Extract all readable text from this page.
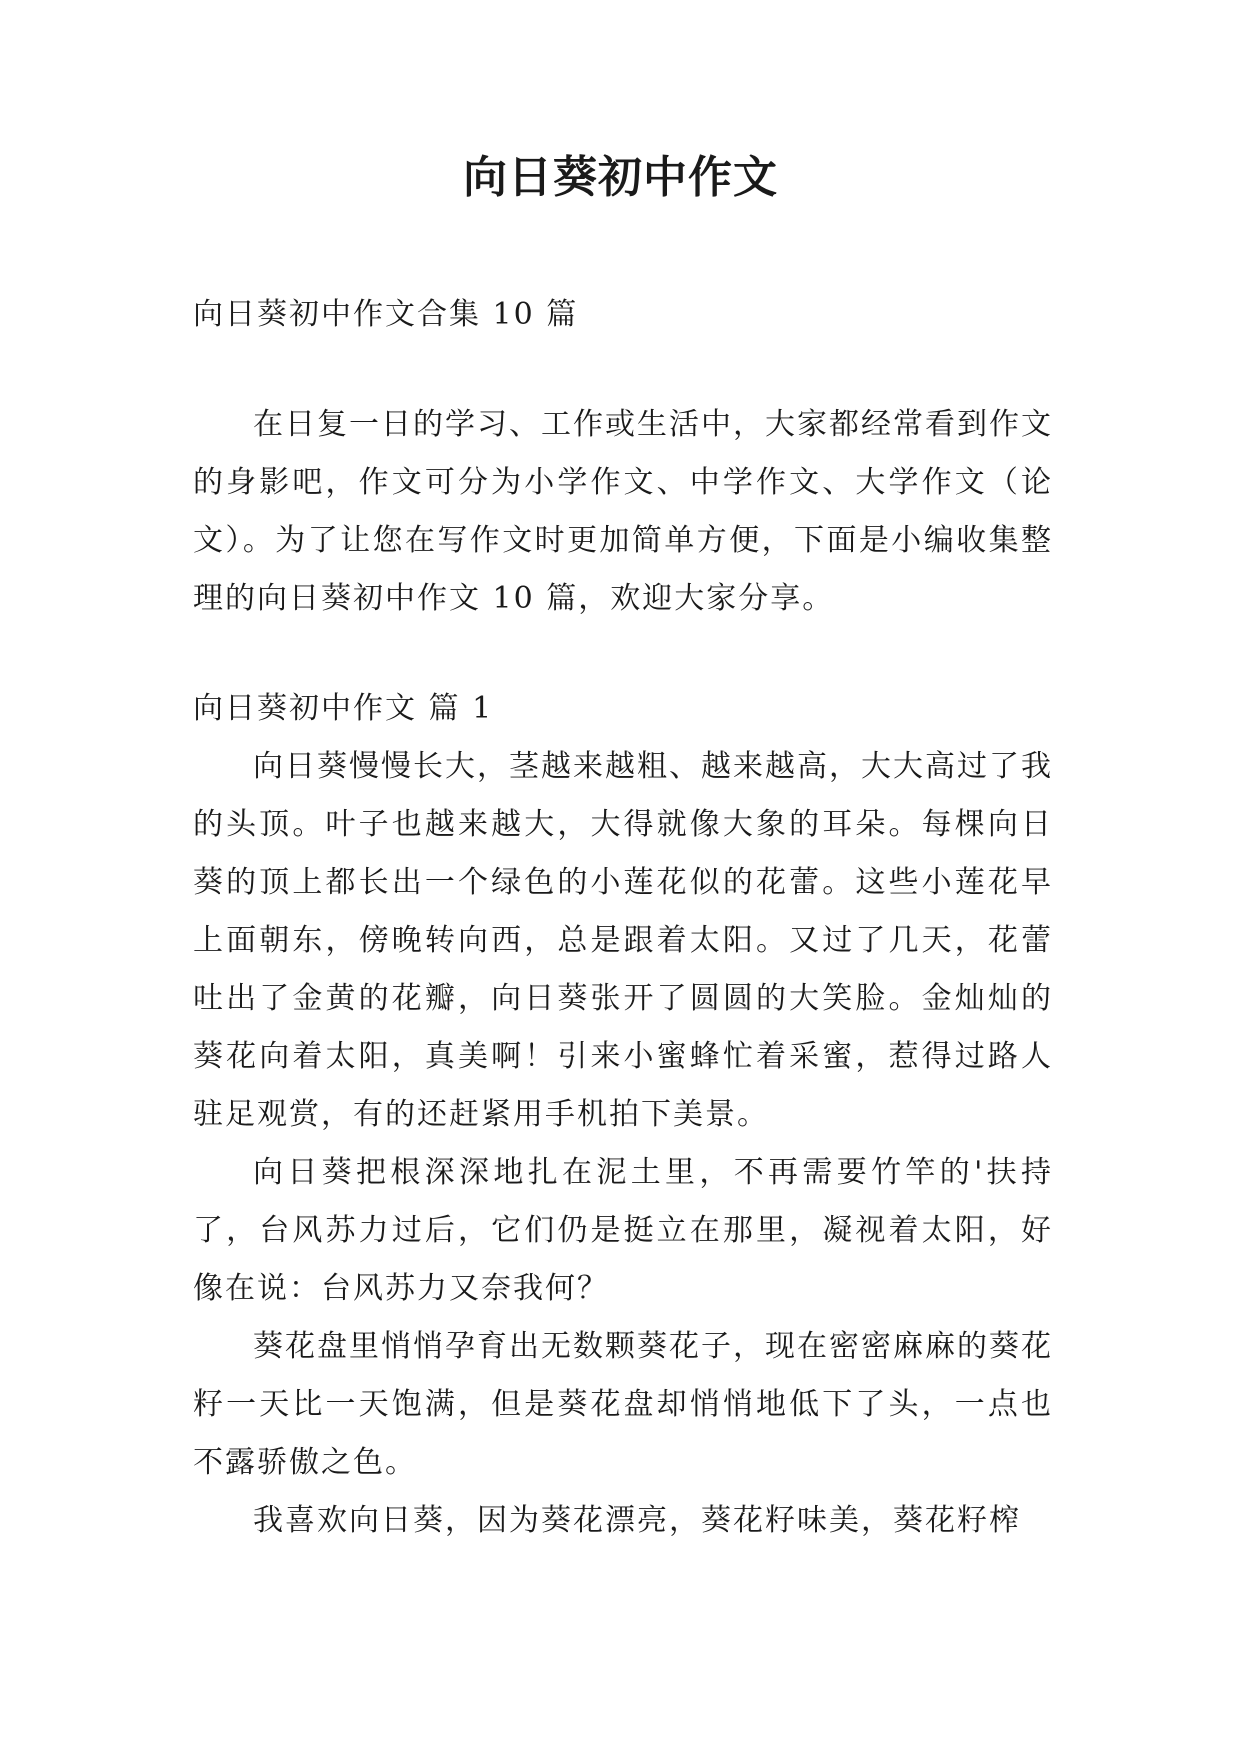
向日葵初中作文

向日葵初中作文合集 10 篇

在日复一日的学习、工作或生活中，大家都经常看到作文的身影吧，作文可分为小学作文、中学作文、大学作文（论文）。为了让您在写作文时更加简单方便，下面是小编收集整理的向日葵初中作文 10 篇，欢迎大家分享。

向日葵初中作文 篇 1

向日葵慢慢长大，茎越来越粗、越来越高，大大高过了我的头顶。叶子也越来越大，大得就像大象的耳朵。每棵向日葵的顶上都长出一个绿色的小莲花似的花蕾。这些小莲花早上面朝东，傍晚转向西，总是跟着太阳。又过了几天，花蕾吐出了金黄的花瓣，向日葵张开了圆圆的大笑脸。金灿灿的葵花向着太阳，真美啊！引来小蜜蜂忙着采蜜，惹得过路人驻足观赏，有的还赶紧用手机拍下美景。

向日葵把根深深地扎在泥土里，不再需要竹竿的'扶持了，台风苏力过后，它们仍是挺立在那里，凝视着太阳，好像在说：台风苏力又奈我何？

葵花盘里悄悄孕育出无数颗葵花子，现在密密麻麻的葵花籽一天比一天饱满，但是葵花盘却悄悄地低下了头，一点也不露骄傲之色。

我喜欢向日葵，因为葵花漂亮，葵花籽味美，葵花籽榨
